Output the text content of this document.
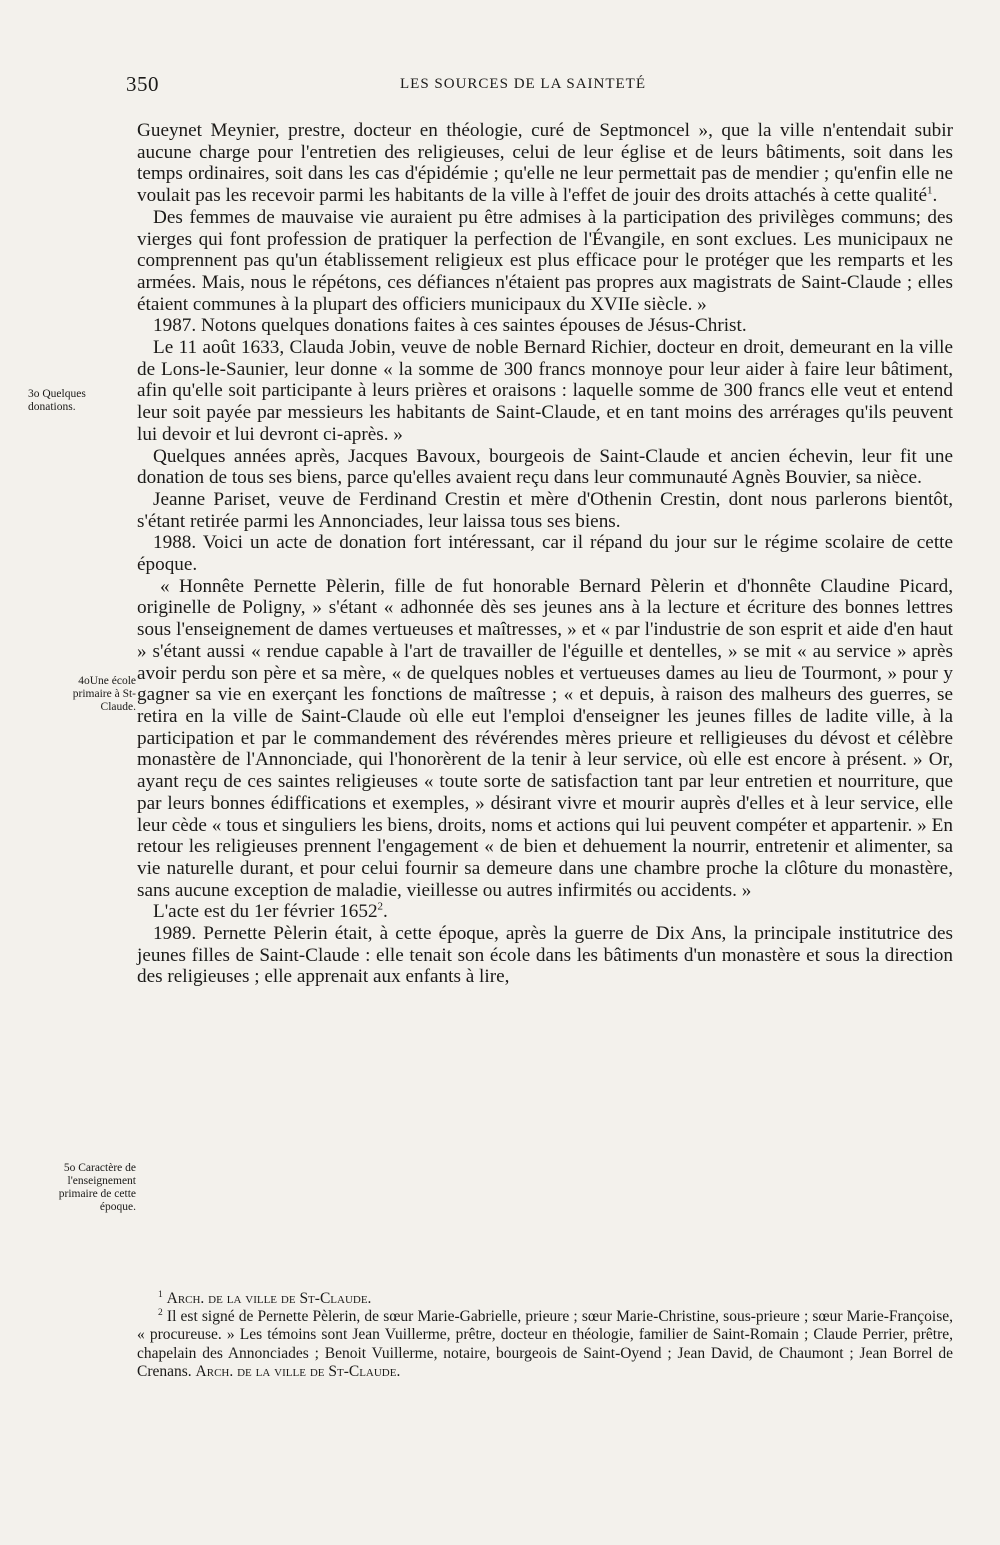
350	LES SOURCES DE LA SAINTETÉ
3o Quelques donations.
4oUne école primaire à St-Claude.
5o Caractère de l'enseignement primaire de cette époque.

Gueynet Meynier, prestre, docteur en théologie, curé de Septmoncel », que la ville n'entendait subir aucune charge pour l'entretien des religieuses, celui de leur église et de leurs bâtiments, soit dans les temps ordinaires, soit dans les cas d'épidémie ; qu'elle ne leur permettait pas de mendier ; qu'enfin elle ne voulait pas les recevoir parmi les habitants de la ville à l'effet de jouir des droits attachés à cette qualité$^1$.

Des femmes de mauvaise vie auraient pu être admises à la participation des privilèges communs; des vierges qui font profession de pratiquer la perfection de l'Évangile, en sont exclues. Les municipaux ne comprennent pas qu'un établissement religieux est plus efficace pour le protéger que les remparts et les armées. Mais, nous le répétons, ces défiances n'étaient pas propres aux magistrats de Saint-Claude ; elles étaient communes à la plupart des officiers municipaux du XVIIe siècle. »

1987. Notons quelques donations faites à ces saintes épouses de Jésus-Christ.

Le 11 août 1633, Clauda Jobin, veuve de noble Bernard Richier, docteur en droit, demeurant en la ville de Lons-le-Saunier, leur donne « la somme de 300 francs monnoye pour leur aider à faire leur bâtiment, afin qu'elle soit participante à leurs prières et oraisons : laquelle somme de 300 francs elle veut et entend leur soit payée par messieurs les habitants de Saint-Claude, et en tant moins des arrérages qu'ils peuvent lui devoir et lui devront ci-après. »

Quelques années après, Jacques Bavoux, bourgeois de Saint-Claude et ancien échevin, leur fit une donation de tous ses biens, parce qu'elles avaient reçu dans leur communauté Agnès Bouvier, sa nièce.

Jeanne Pariset, veuve de Ferdinand Crestin et mère d'Othenin Crestin, dont nous parlerons bientôt, s'étant retirée parmi les Annonciades, leur laissa tous ses biens.

1988. Voici un acte de donation fort intéressant, car il répand du jour sur le régime scolaire de cette époque.

« Honnête Pernette Pèlerin, fille de fut honorable Bernard Pèlerin et d'honnête Claudine Picard, originelle de Poligny, » s'étant « adhonnée dès ses jeunes ans à la lecture et écriture des bonnes lettres sous l'enseignement de dames vertueuses et maîtresses, » et « par l'industrie de son esprit et aide d'en haut » s'étant aussi « rendue capable à l'art de travailler de l'éguille et dentelles, » se mit « au service » après avoir perdu son père et sa mère, « de quelques nobles et vertueuses dames au lieu de Tourmont, » pour y gagner sa vie en exerçant les fonctions de maîtresse ; « et depuis, à raison des malheurs des guerres, se retira en la ville de Saint-Claude où elle eut l'emploi d'enseigner les jeunes filles de ladite ville, à la participation et par le commandement des révérendes mères prieure et relligieuses du dévost et célèbre monastère de l'Annonciade, qui l'honorèrent de la tenir à leur service, où elle est encore à présent. » Or, ayant reçu de ces saintes religieuses « toute sorte de satisfaction tant par leur entretien et nourriture, que par leurs bonnes édiffications et exemples, » désirant vivre et mourir auprès d'elles et à leur service, elle leur cède « tous et singuliers les biens, droits, noms et actions qui lui peuvent compéter et appartenir. » En retour les religieuses prennent l'engagement « de bien et dehuement la nourrir, entretenir et alimenter, sa vie naturelle durant, et pour celui fournir sa demeure dans une chambre proche la clôture du monastère, sans aucune exception de maladie, vieillesse ou autres infirmités ou accidents. »

L'acte est du 1er février 1652$^2$.

1989. Pernette Pèlerin était, à cette époque, après la guerre de Dix Ans, la principale institutrice des jeunes filles de Saint-Claude : elle tenait son école dans les bâtiments d'un monastère et sous la direction des religieuses ; elle apprenait aux enfants à lire,

$^1$ Arch. de la ville de St-Claude.

$^2$ Il est signé de Pernette Pèlerin, de sœur Marie-Gabrielle, prieure ; sœur Marie-Christine, sous-prieure ; sœur Marie-Françoise, « procureuse. » Les témoins sont Jean Vuillerme, prêtre, docteur en théologie, familier de Saint-Romain ; Claude Perrier, prêtre, chapelain des Annonciades ; Benoit Vuillerme, notaire, bourgeois de Saint-Oyend ; Jean David, de Chaumont ; Jean Borrel de Crenans. Arch. de la ville de St-Claude.
